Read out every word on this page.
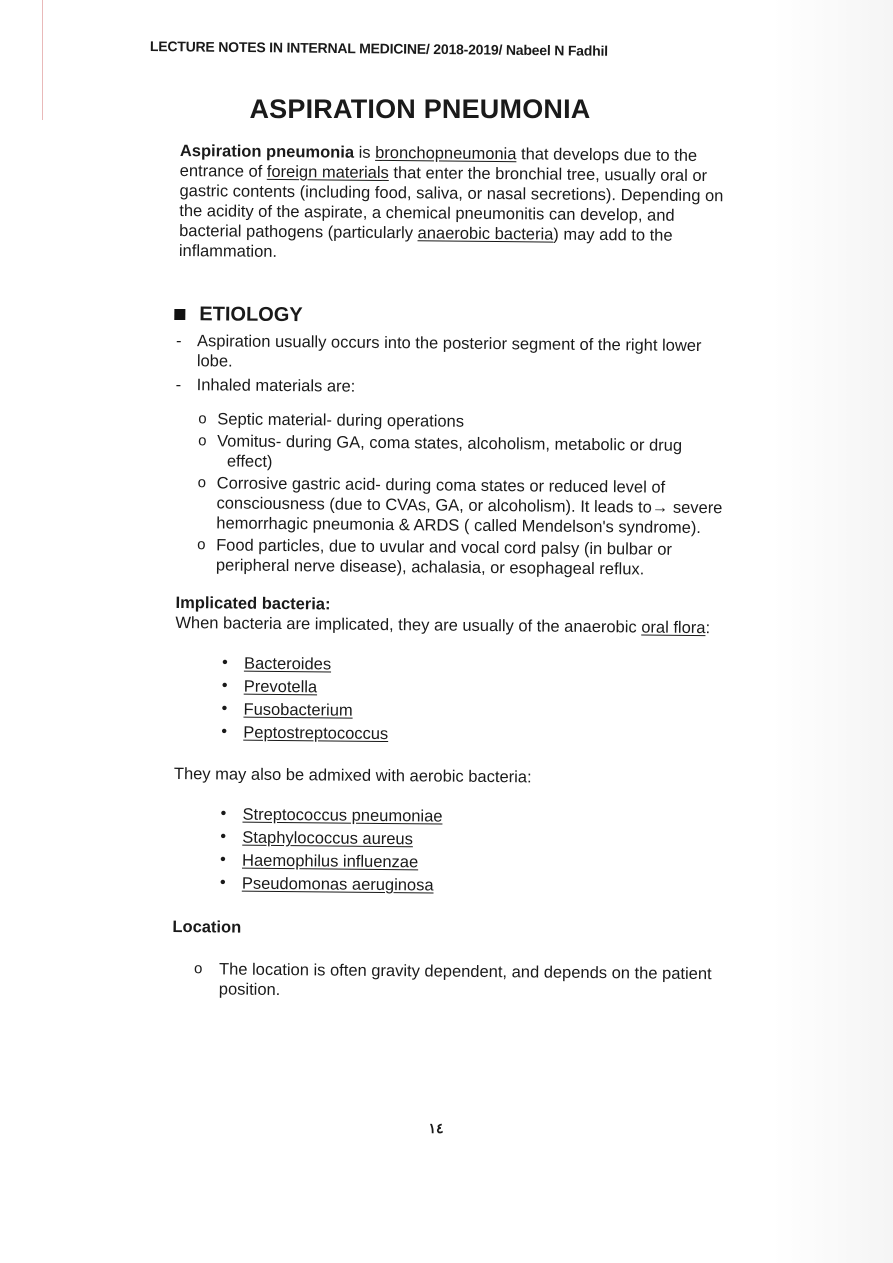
LECTURE NOTES IN INTERNAL MEDICINE/ 2018-2019/ Nabeel N Fadhil
ASPIRATION PNEUMONIA

Aspiration pneumonia is bronchopneumonia that develops due to the entrance of foreign materials that enter the bronchial tree, usually oral or gastric contents (including food, saliva, or nasal secretions). Depending on the acidity of the aspirate, a chemical pneumonitis can develop, and bacterial pathogens (particularly anaerobic bacteria) may add to the inflammation.

ETIOLOGY
- Aspiration usually occurs into the posterior segment of the right lower lobe.
- Inhaled materials are:
o Septic material- during operations
o Vomitus- during GA, coma states, alcoholism, metabolic or drug
effect)
o Corrosive gastric acid- during coma states or reduced level of consciousness (due to CVAs, GA, or alcoholism). It leads to→ severe hemorrhagic pneumonia & ARDS ( called Mendelson's syndrome).
o Food particles, due to uvular and vocal cord palsy (in bulbar or peripheral nerve disease), achalasia, or esophageal reflux.
Implicated bacteria:
When bacteria are implicated, they are usually of the anaerobic oral flora:
• Bacteroides
• Prevotella
• Fusobacterium
• Peptostreptococcus
They may also be admixed with aerobic bacteria:
• Streptococcus pneumoniae
• Staphylococcus aureus
• Haemophilus influenzae
• Pseudomonas aeruginosa
Location
o The location is often gravity dependent, and depends on the patient position.
١٤
